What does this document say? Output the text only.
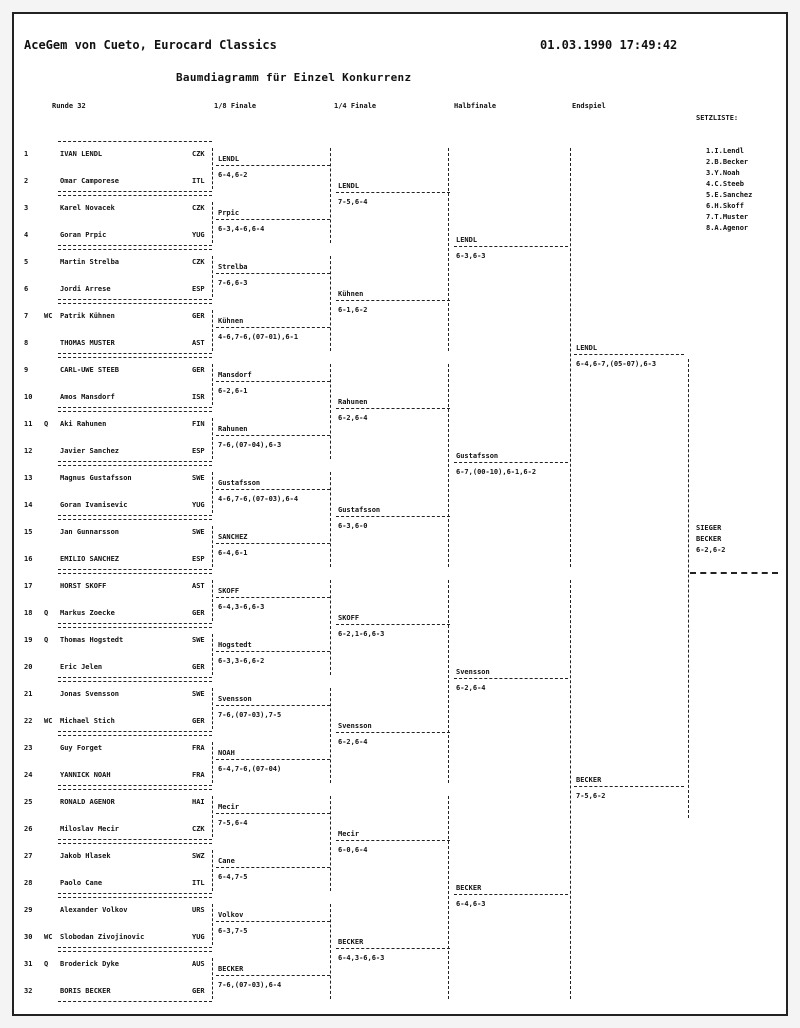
AceGem von Cueto, Eurocard Classics	01.03.1990 17:49:42
Baumdiagramm für Einzel Konkurrenz
Runde 32	1/8 Finale	1/4 Finale	Halbfinale	Endspiel
SETZLISTE:
1.I.Lendl
2.B.Becker
3.Y.Noah
4.C.Steeb
5.E.Sanchez
6.H.Skoff
7.T.Muster
8.A.Agenor
1	IVAN LENDL	CZK
2	Omar Camporese	ITL
3	Karel Novacek	CZK
4	Goran Prpic	YUG
5	Martin Strelba	CZK
6	Jordi Arrese	ESP
7 WC Patrik Kühnen	GER
8	THOMAS MUSTER	AST
9	CARL-UWE STEEB	GER
10	Amos Mansdorf	ISR
11 Q Aki Rahunen	FIN
12	Javier Sanchez	ESP
13	Magnus Gustafsson	SWE
14	Goran Ivanisevic	YUG
15	Jan Gunnarsson	SWE
16	EMILIO SANCHEZ	ESP
17	HORST SKOFF	AST
18 Q Markus Zoecke	GER
19 Q Thomas Hogstedt	SWE
20	Eric Jelen	GER
21	Jonas Svensson	SWE
22 WC Michael Stich	GER
23	Guy Forget	FRA
24	YANNICK NOAH	FRA
25	RONALD AGENOR	HAI
26	Miloslav Mecir	CZK
27	Jakob Hlasek	SWZ
28	Paolo Cane	ITL
29	Alexander Volkov	URS
30 WC Slobodan Zivojinovic	YUG
31 Q Broderick Dyke	AUS
32	BORIS BECKER	GER
LENDL
6-4,6-2
Prpic
6-3,4-6,6-4
Strelba
7-6,6-3
Kühnen
4-6,7-6,(07-01),6-1
Mansdorf
6-2,6-1
Rahunen
7-6,(07-04),6-3
Gustafsson
4-6,7-6,(07-03),6-4
SANCHEZ
6-4,6-1
SKOFF
6-4,3-6,6-3
Hogstedt
6-3,3-6,6-2
Svensson
7-6,(07-03),7-5
NOAH
6-4,7-6,(07-04)
Mecir
7-5,6-4
Cane
6-4,7-5
Volkov
6-3,7-5
BECKER
7-6,(07-03),6-4
LENDL
7-5,6-4
Kühnen
6-1,6-2
Rahunen
6-2,6-4
Gustafsson
6-3,6-0
SKOFF
6-2,1-6,6-3
Svensson
6-2,6-4
Mecir
6-0,6-4
BECKER
6-4,3-6,6-3
LENDL
6-3,6-3
Gustafsson
6-7,(00-10),6-1,6-2
Svensson
6-2,6-4
BECKER
6-4,6-3
LENDL
6-4,6-7,(05-07),6-3
BECKER
7-5,6-2
SIEGER
BECKER
6-2,6-2
